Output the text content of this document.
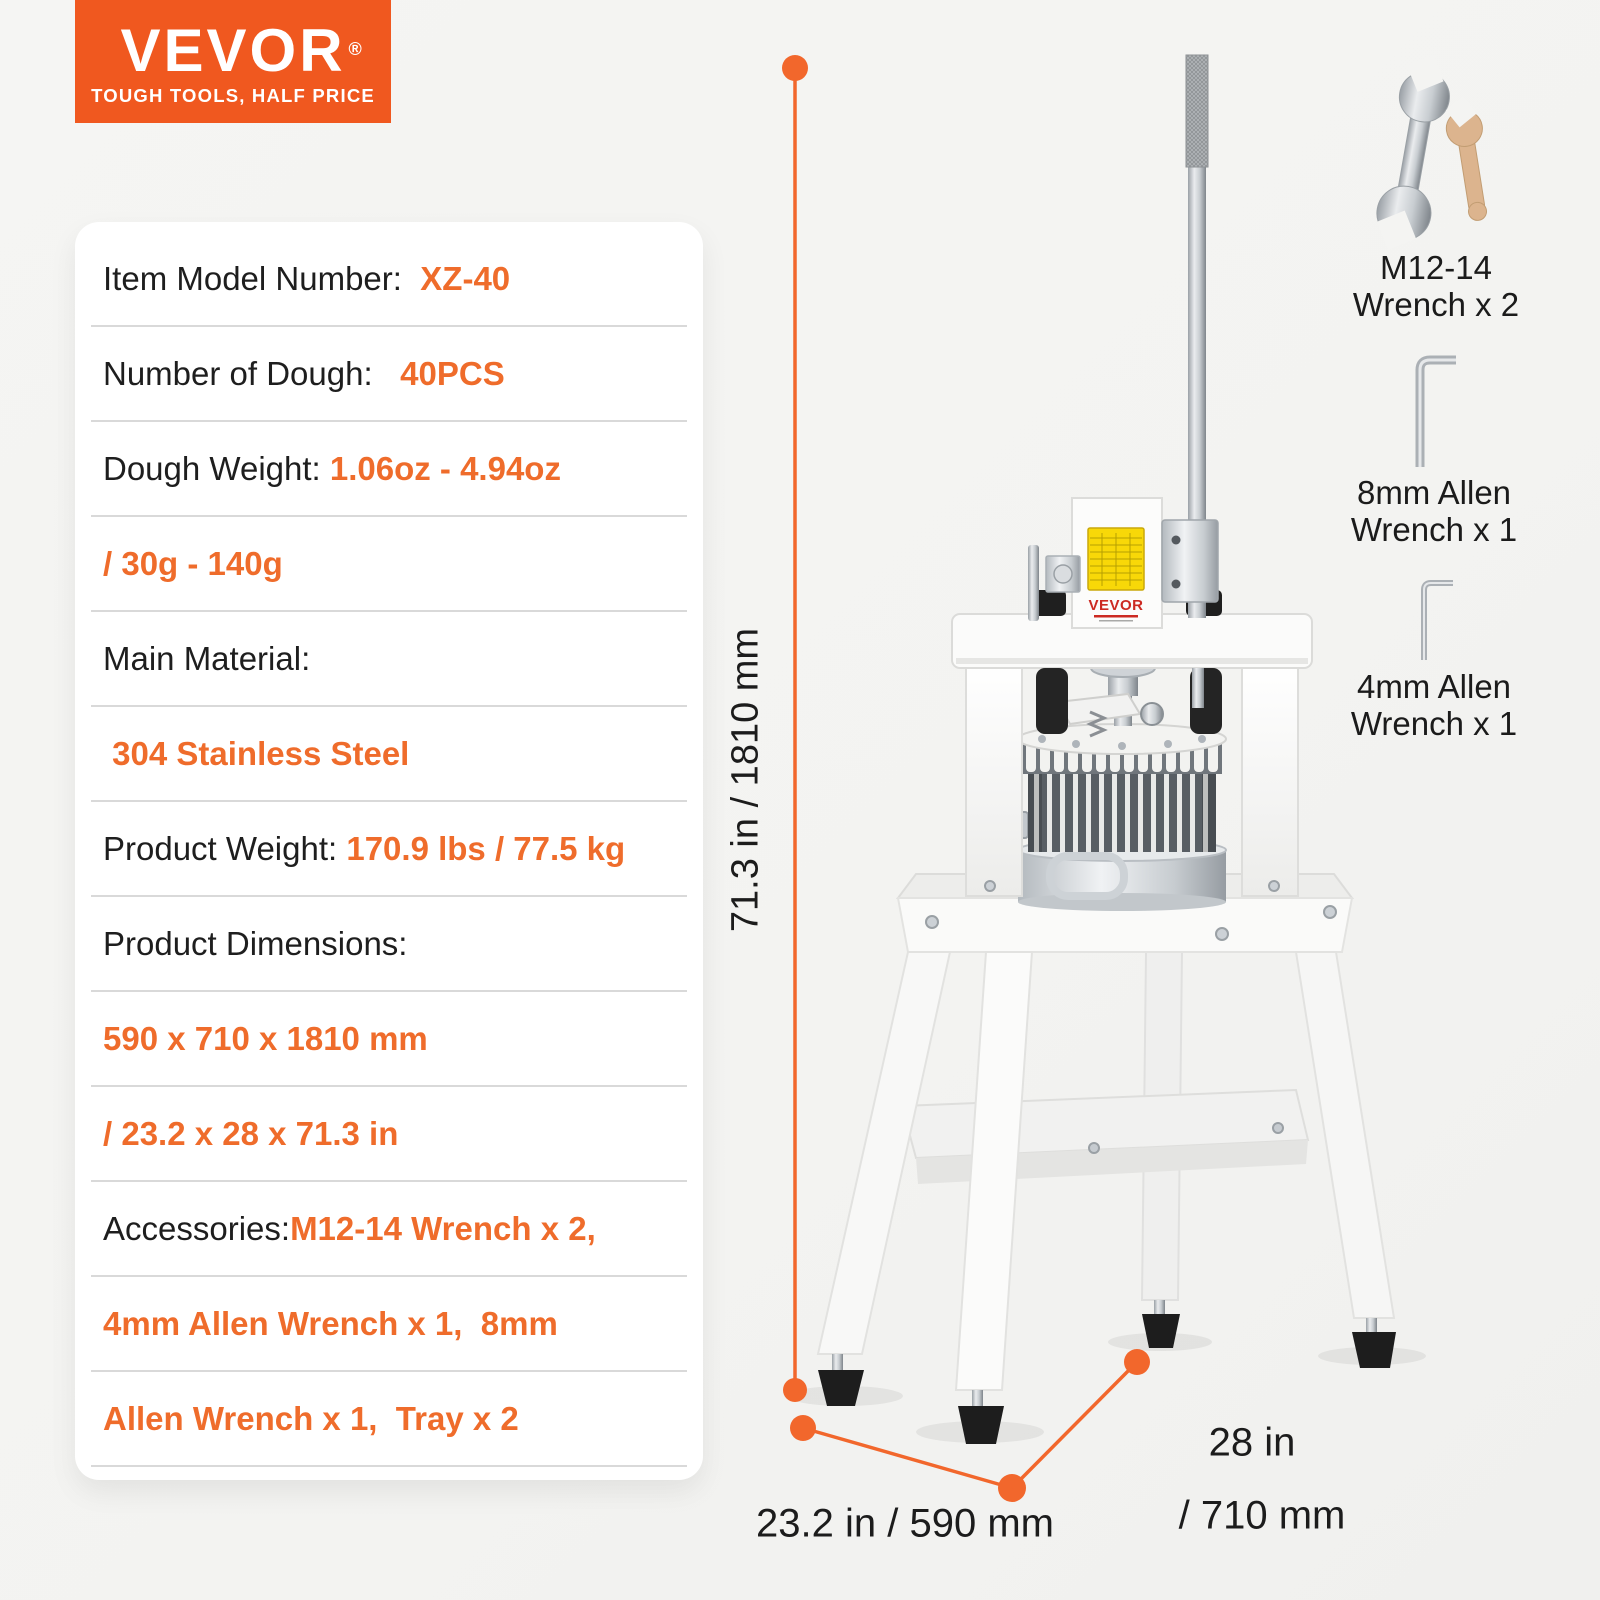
VEVOR ®
TOUGH TOOLS, HALF PRICE
Item Model Number: XZ-40
Number of Dough: 40PCS
Dough Weight: 1.06oz - 4.94oz
/ 30g - 140g
Main Material:
304 Stainless Steel
Product Weight: 170.9 lbs / 77.5 kg
Product Dimensions:
590 x 710 x 1810 mm
/ 23.2 x 28 x 71.3 in
Accessories: M12-14 Wrench x 2,
4mm Allen Wrench x 1,  8mm
Allen Wrench x 1,  Tray x 2
VEVOR
71.3 in / 1810 mm
23.2 in / 590 mm
28 in
/ 710 mm
M12-14
Wrench x 2
8mm Allen
Wrench x 1
4mm Allen
Wrench x 1
